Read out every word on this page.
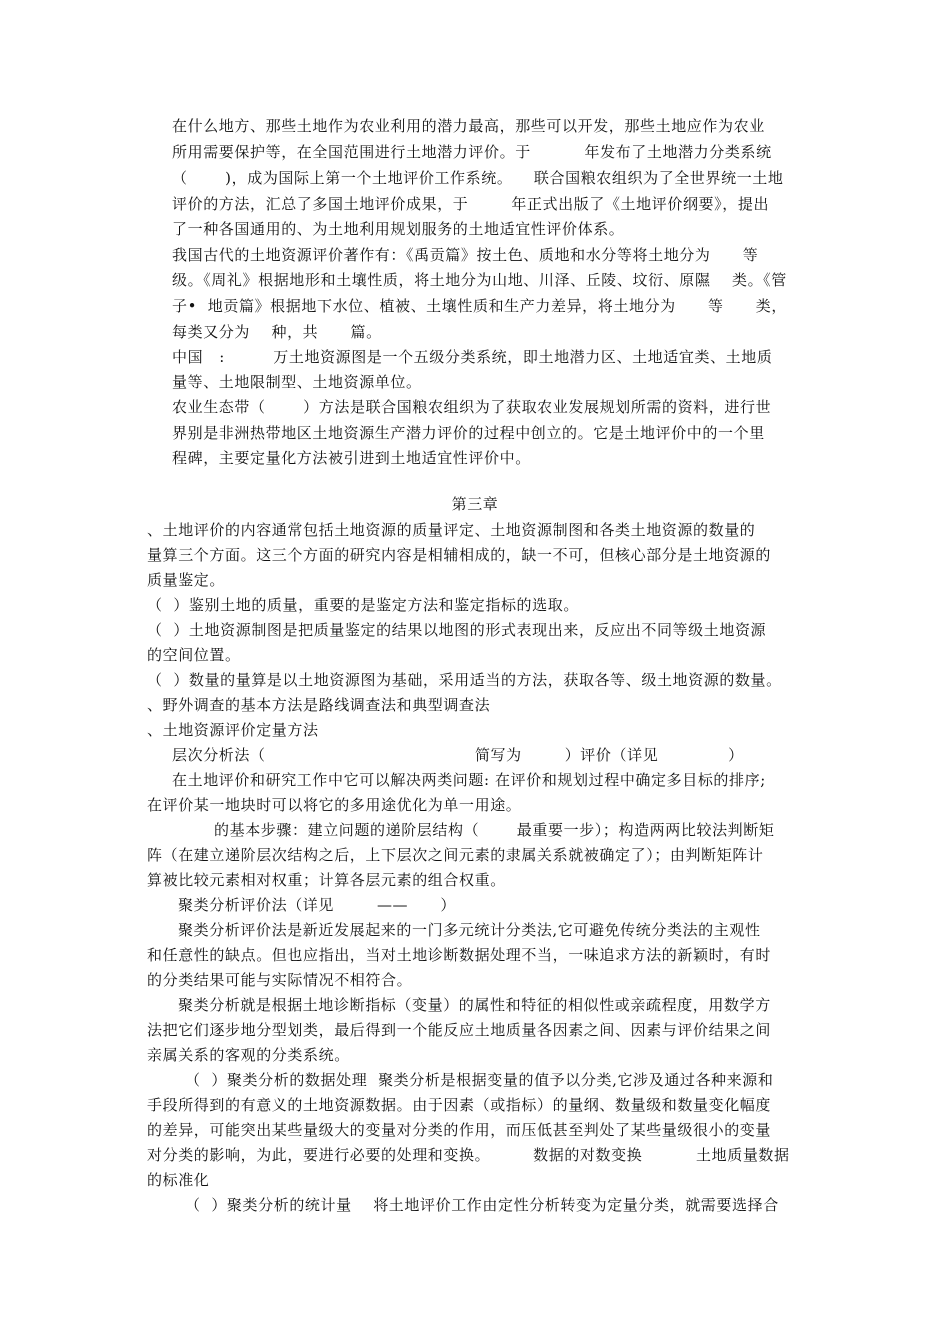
在什么地方、那些土地作为农业利用的潜力最高，那些可以开发，那些土地应作为农业
所用需要保护等，在全国范围进行土地潜力评价。于          年发布了土地潜力分类系统
（       )，成为国际上第一个土地评价工作系统。    联合国粮农组织为了全世界统一土地
评价的方法，汇总了多国土地评价成果，于        年正式出版了《土地评价纲要》，提出
了一种各国通用的、为土地利用规划服务的土地适宜性评价体系。
我国古代的土地资源评价著作有：《禹贡篇》按土色、质地和水分等将土地分为      等
级。《周礼》根据地形和土壤性质，将土地分为山地、川泽、丘陵、坟衍、原隰    类。《管
子•  地贡篇》根据地下水位、植被、土壤性质和生产力差异，将土地分为      等      类，
每类又分为    种，共      篇。
中国   :         万土地资源图是一个五级分类系统，即土地潜力区、土地适宜类、土地质
量等、土地限制型、土地资源单位。
农业生态带（       ）方法是联合国粮农组织为了获取农业发展规划所需的资料，进行世
界别是非洲热带地区土地资源生产潜力评价的过程中创立的。它是土地评价中的一个里
程碑，主要定量化方法被引进到土地适宜性评价中。
第三章
、土地评价的内容通常包括土地资源的质量评定、土地资源制图和各类土地资源的数量的
量算三个方面。这三个方面的研究内容是相辅相成的，缺一不可，但核心部分是土地资源的
质量鉴定。
（  ）鉴别土地的质量，重要的是鉴定方法和鉴定指标的选取。
（  ）土地资源制图是把质量鉴定的结果以地图的形式表现出来，反应出不同等级土地资源
的空间位置。
（  ）数量的量算是以土地资源图为基础，采用适当的方法，获取各等、级土地资源的数量。
、野外调查的基本方法是路线调查法和典型调查法
、土地资源评价定量方法
层次分析法（                                       简写为        ）评价（详见             ）
在土地评价和研究工作中它可以解决两类问题: 在评价和规划过程中确定多目标的排序;
在评价某一地块时可以将它的多用途优化为单一用途。
的基本步骤：建立问题的递阶层结构（       最重要一步）；构造两两比较法判断矩
阵（在建立递阶层次结构之后，上下层次之间元素的隶属关系就被确定了）；由判断矩阵计
算被比较元素相对权重；计算各层元素的组合权重。
聚类分析评价法（详见        ——      ）
聚类分析评价法是新近发展起来的一门多元统计分类法,它可避免传统分类法的主观性
和任意性的缺点。但也应指出，当对土地诊断数据处理不当，一味追求方法的新颖时，有时
的分类结果可能与实际情况不相符合。
聚类分析就是根据土地诊断指标（变量）的属性和特征的相似性或亲疏程度，用数学方
法把它们逐步地分型划类，最后得到一个能反应土地质量各因素之间、因素与评价结果之间
亲属关系的客观的分类系统。
（  ）聚类分析的数据处理  聚类分析是根据变量的值予以分类,它涉及通过各种来源和
手段所得到的有意义的土地资源数据。由于因素（或指标）的量纲、数量级和数量变化幅度
的差异，可能突出某些量级大的变量对分类的作用，而压低甚至判处了某些量级很小的变量
对分类的影响，为此，要进行必要的处理和变换。        数据的对数变换          土地质量数据
的标准化
（  ）聚类分析的统计量    将土地评价工作由定性分析转变为定量分类，就需要选择合
